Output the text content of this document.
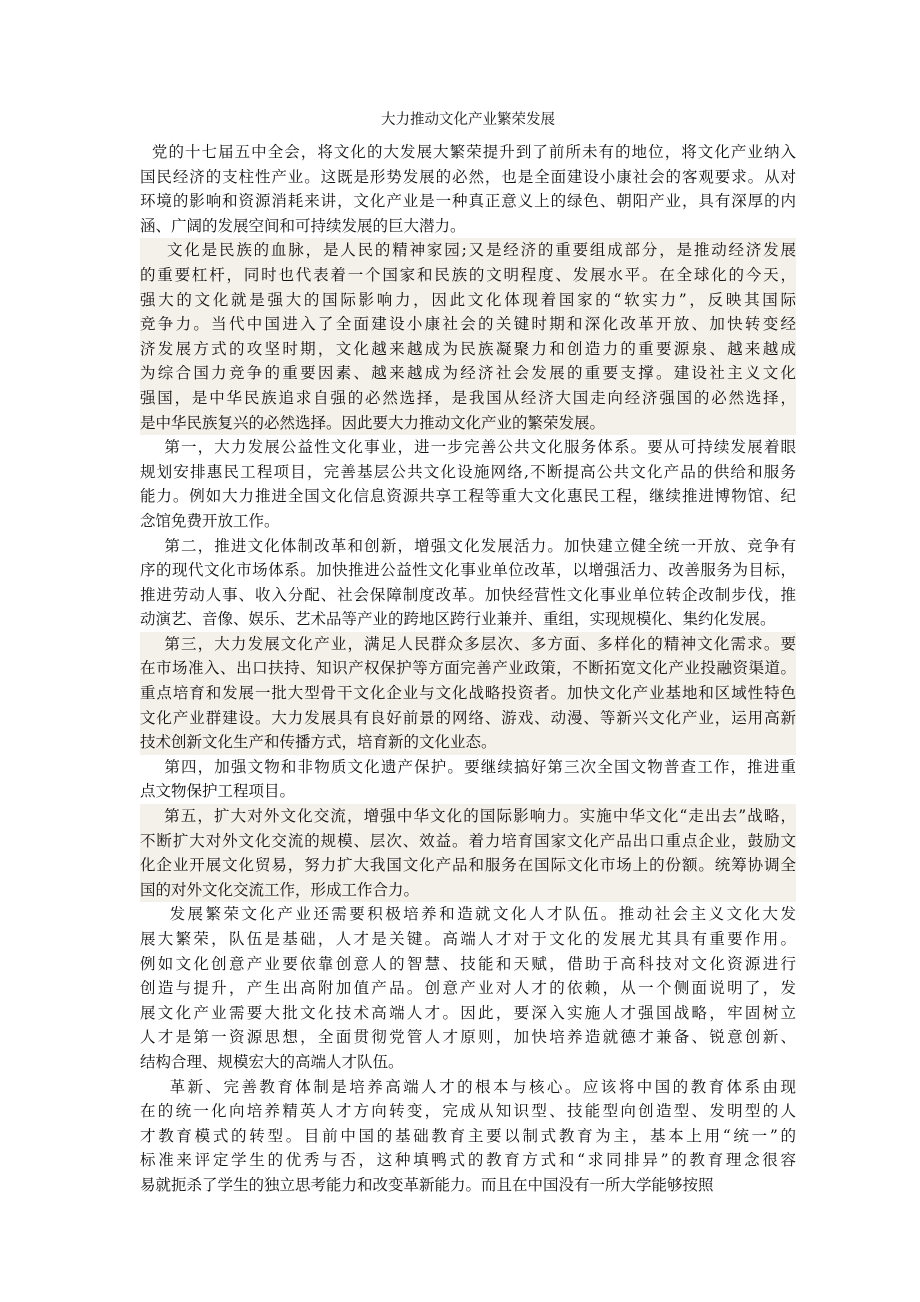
大力推动文化产业繁荣发展
党的十七届五中全会，将文化的大发展大繁荣提升到了前所未有的地位，将文化产业纳入
国民经济的支柱性产业。这既是形势发展的必然，也是全面建设小康社会的客观要求。从对
环境的影响和资源消耗来讲，文化产业是一种真正意义上的绿色、朝阳产业，具有深厚的内
涵、广阔的发展空间和可持续发展的巨大潜力。
文化是民族的血脉，是人民的精神家园;又是经济的重要组成部分，是推动经济发展
的重要杠杆，同时也代表着一个国家和民族的文明程度、发展水平。在全球化的今天，
强大的文化就是强大的国际影响力，因此文化体现着国家的“软实力”，反映其国际
竞争力。当代中国进入了全面建设小康社会的关键时期和深化改革开放、加快转变经
济发展方式的攻坚时期，文化越来越成为民族凝聚力和创造力的重要源泉、越来越成
为综合国力竞争的重要因素、越来越成为经济社会发展的重要支撑。建设社主义文化
强国，是中华民族追求自强的必然选择，是我国从经济大国走向经济强国的必然选择，
是中华民族复兴的必然选择。因此要大力推动文化产业的繁荣发展。
第一，大力发展公益性文化事业，进一步完善公共文化服务体系。要从可持续发展着眼
规划安排惠民工程项目，完善基层公共文化设施网络,不断提高公共文化产品的供给和服务
能力。例如大力推进全国文化信息资源共享工程等重大文化惠民工程，继续推进博物馆、纪
念馆免费开放工作。
第二，推进文化体制改革和创新，增强文化发展活力。加快建立健全统一开放、竞争有
序的现代文化市场体系。加快推进公益性文化事业单位改革，以增强活力、改善服务为目标，
推进劳动人事、收入分配、社会保障制度改革。加快经营性文化事业单位转企改制步伐，推
动演艺、音像、娱乐、艺术品等产业的跨地区跨行业兼并、重组，实现规模化、集约化发展。
第三，大力发展文化产业，满足人民群众多层次、多方面、多样化的精神文化需求。要
在市场准入、出口扶持、知识产权保护等方面完善产业政策，不断拓宽文化产业投融资渠道。
重点培育和发展一批大型骨干文化企业与文化战略投资者。加快文化产业基地和区域性特色
文化产业群建设。大力发展具有良好前景的网络、游戏、动漫、等新兴文化产业，运用高新
技术创新文化生产和传播方式，培育新的文化业态。
第四，加强文物和非物质文化遗产保护。要继续搞好第三次全国文物普查工作，推进重
点文物保护工程项目。
第五，扩大对外文化交流，增强中华文化的国际影响力。实施中华文化“走出去”战略，
不断扩大对外文化交流的规模、层次、效益。着力培育国家文化产品出口重点企业，鼓励文
化企业开展文化贸易，努力扩大我国文化产品和服务在国际文化市场上的份额。统筹协调全
国的对外文化交流工作，形成工作合力。
发展繁荣文化产业还需要积极培养和造就文化人才队伍。推动社会主义文化大发
展大繁荣，队伍是基础，人才是关键。高端人才对于文化的发展尤其具有重要作用。
例如文化创意产业要依靠创意人的智慧、技能和天赋，借助于高科技对文化资源进行
创造与提升，产生出高附加值产品。创意产业对人才的依赖，从一个侧面说明了，发
展文化产业需要大批文化技术高端人才。因此，要深入实施人才强国战略，牢固树立
人才是第一资源思想，全面贯彻党管人才原则，加快培养造就德才兼备、锐意创新、
结构合理、规模宏大的高端人才队伍。
革新、完善教育体制是培养高端人才的根本与核心。应该将中国的教育体系由现
在的统一化向培养精英人才方向转变，完成从知识型、技能型向创造型、发明型的人
才教育模式的转型。目前中国的基础教育主要以制式教育为主，基本上用“统一”的
标准来评定学生的优秀与否，这种填鸭式的教育方式和“求同排异”的教育理念很容
易就扼杀了学生的独立思考能力和改变革新能力。而且在中国没有一所大学能够按照
